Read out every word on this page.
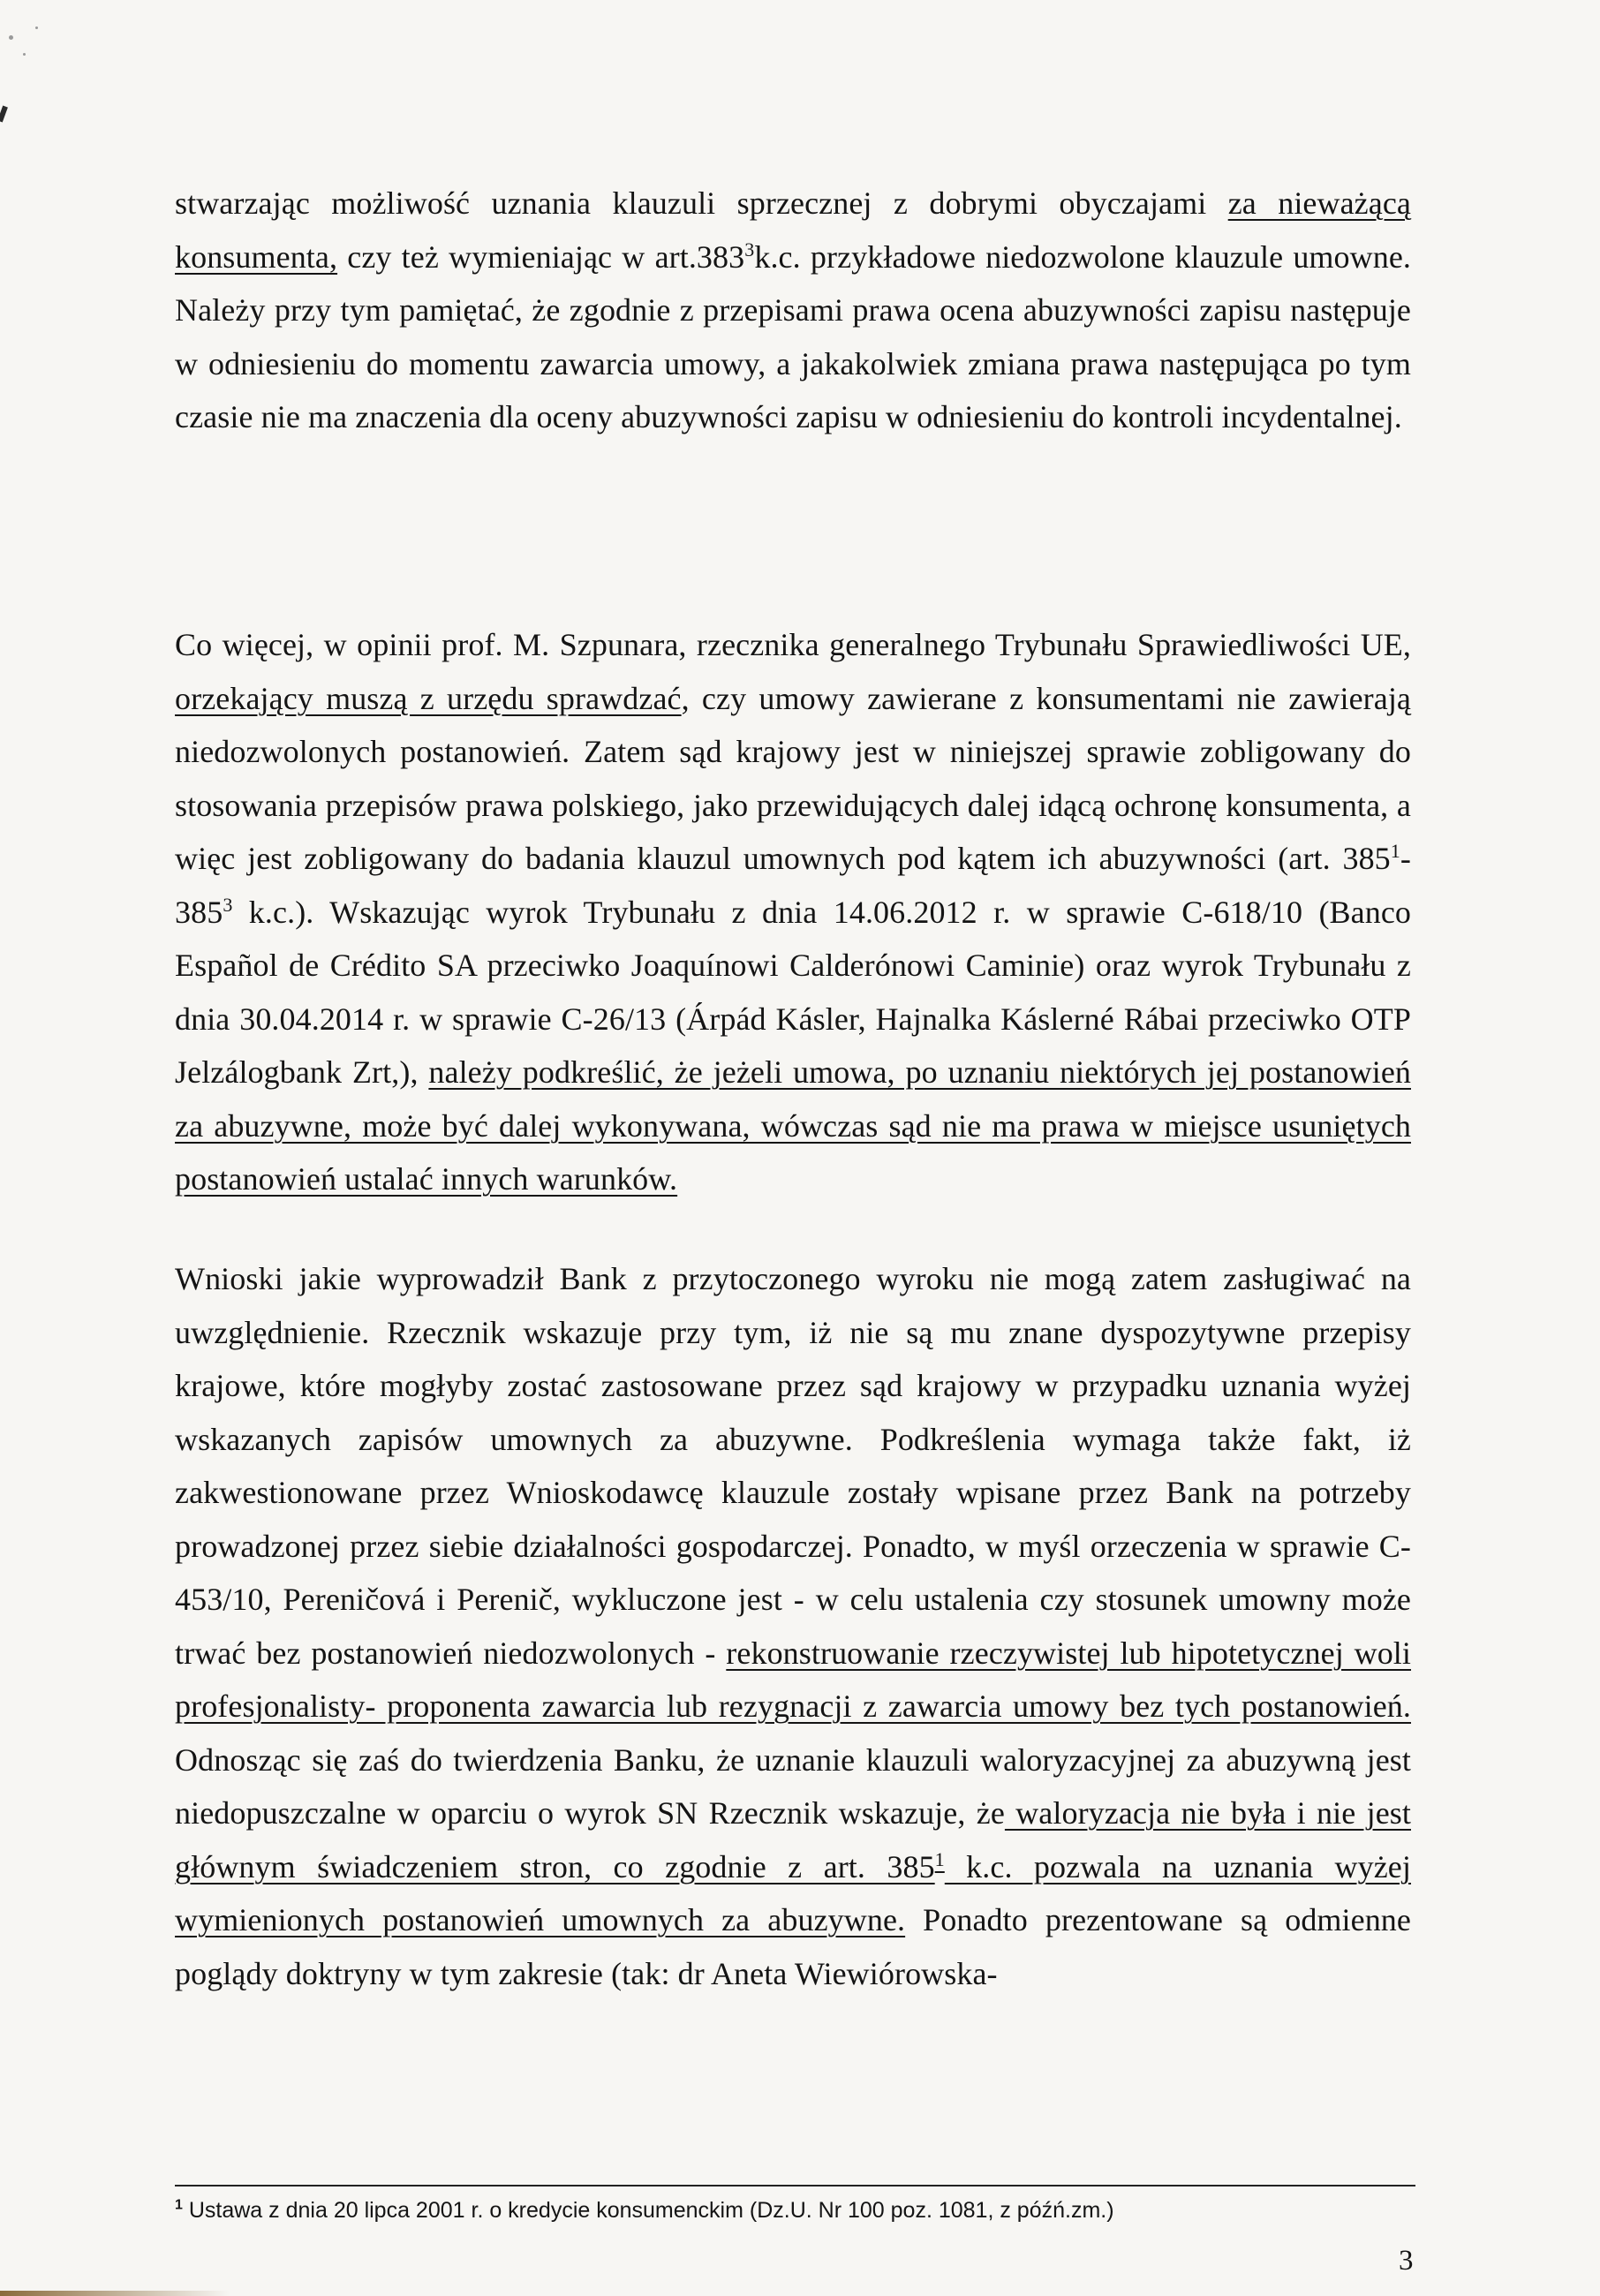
stwarzając możliwość uznania klauzuli sprzecznej z dobrymi obyczajami za nieważącą konsumenta, czy też wymieniając w art.383$^3$k.c. przykładowe niedozwolone klauzule umowne. Należy przy tym pamiętać, że zgodnie z przepisami prawa ocena abuzywności zapisu następuje w odniesieniu do momentu zawarcia umowy, a jakakolwiek zmiana prawa następująca po tym czasie nie ma znaczenia dla oceny abuzywności zapisu w odniesieniu do kontroli incydentalnej.

Co więcej, w opinii prof. M. Szpunara, rzecznika generalnego Trybunału Sprawiedliwości UE, orzekający muszą z urzędu sprawdzać, czy umowy zawierane z konsumentami nie zawierają niedozwolonych postanowień. Zatem sąd krajowy jest w niniejszej sprawie zobligowany do stosowania przepisów prawa polskiego, jako przewidujących dalej idącą ochronę konsumenta, a więc jest zobligowany do badania klauzul umownych pod kątem ich abuzywności (art. $385^1-385^3$ k.c.). Wskazując wyrok Trybunału z dnia 14.06.2012 r. w sprawie C-618/10 (Banco Español de Crédito SA przeciwko Joaquínowi Calderónowi Caminie) oraz wyrok Trybunału z dnia 30.04.2014 r. w sprawie C-26/13 (Árpád Kásler, Hajnalka Káslerné Rábai przeciwko OTP Jelzálogbank Zrt,), należy podkreślić, że jeżeli umowa, po uznaniu niektórych jej postanowień za abuzywne, może być dalej wykonywana, wówczas sąd nie ma prawa w miejsce usuniętych postanowień ustalać innych warunków.

Wnioski jakie wyprowadził Bank z przytoczonego wyroku nie mogą zatem zasługiwać na uwzględnienie. Rzecznik wskazuje przy tym, iż nie są mu znane dyspozytywne przepisy krajowe, które mogłyby zostać zastosowane przez sąd krajowy w przypadku uznania wyżej wskazanych zapisów umownych za abuzywne. Podkreślenia wymaga także fakt, iż zakwestionowane przez Wnioskodawcę klauzule zostały wpisane przez Bank na potrzeby prowadzonej przez siebie działalności gospodarczej. Ponadto, w myśl orzeczenia w sprawie C-453/10, Pereničová i Perenič, wykluczone jest - w celu ustalenia czy stosunek umowny może trwać bez postanowień niedozwolonych - rekonstruowanie rzeczywistej lub hipotetycznej woli profesjonalisty- proponenta zawarcia lub rezygnacji z zawarcia umowy bez tych postanowień. Odnosząc się zaś do twierdzenia Banku, że uznanie klauzuli waloryzacyjnej za abuzywną jest niedopuszczalne w oparciu o wyrok SN Rzecznik wskazuje, że waloryzacja nie była i nie jest głównym świadczeniem stron, co zgodnie z art. $385^1$ k.c. pozwala na uznania wyżej wymienionych postanowień umownych za abuzywne. Ponadto prezentowane są odmienne poglądy doktryny w tym zakresie (tak: dr Aneta Wiewiórowska-

$^1$ Ustawa z dnia 20 lipca 2001 r. o kredycie konsumenckim (Dz.U. Nr 100 poz. 1081, z późń.zm.)
3
